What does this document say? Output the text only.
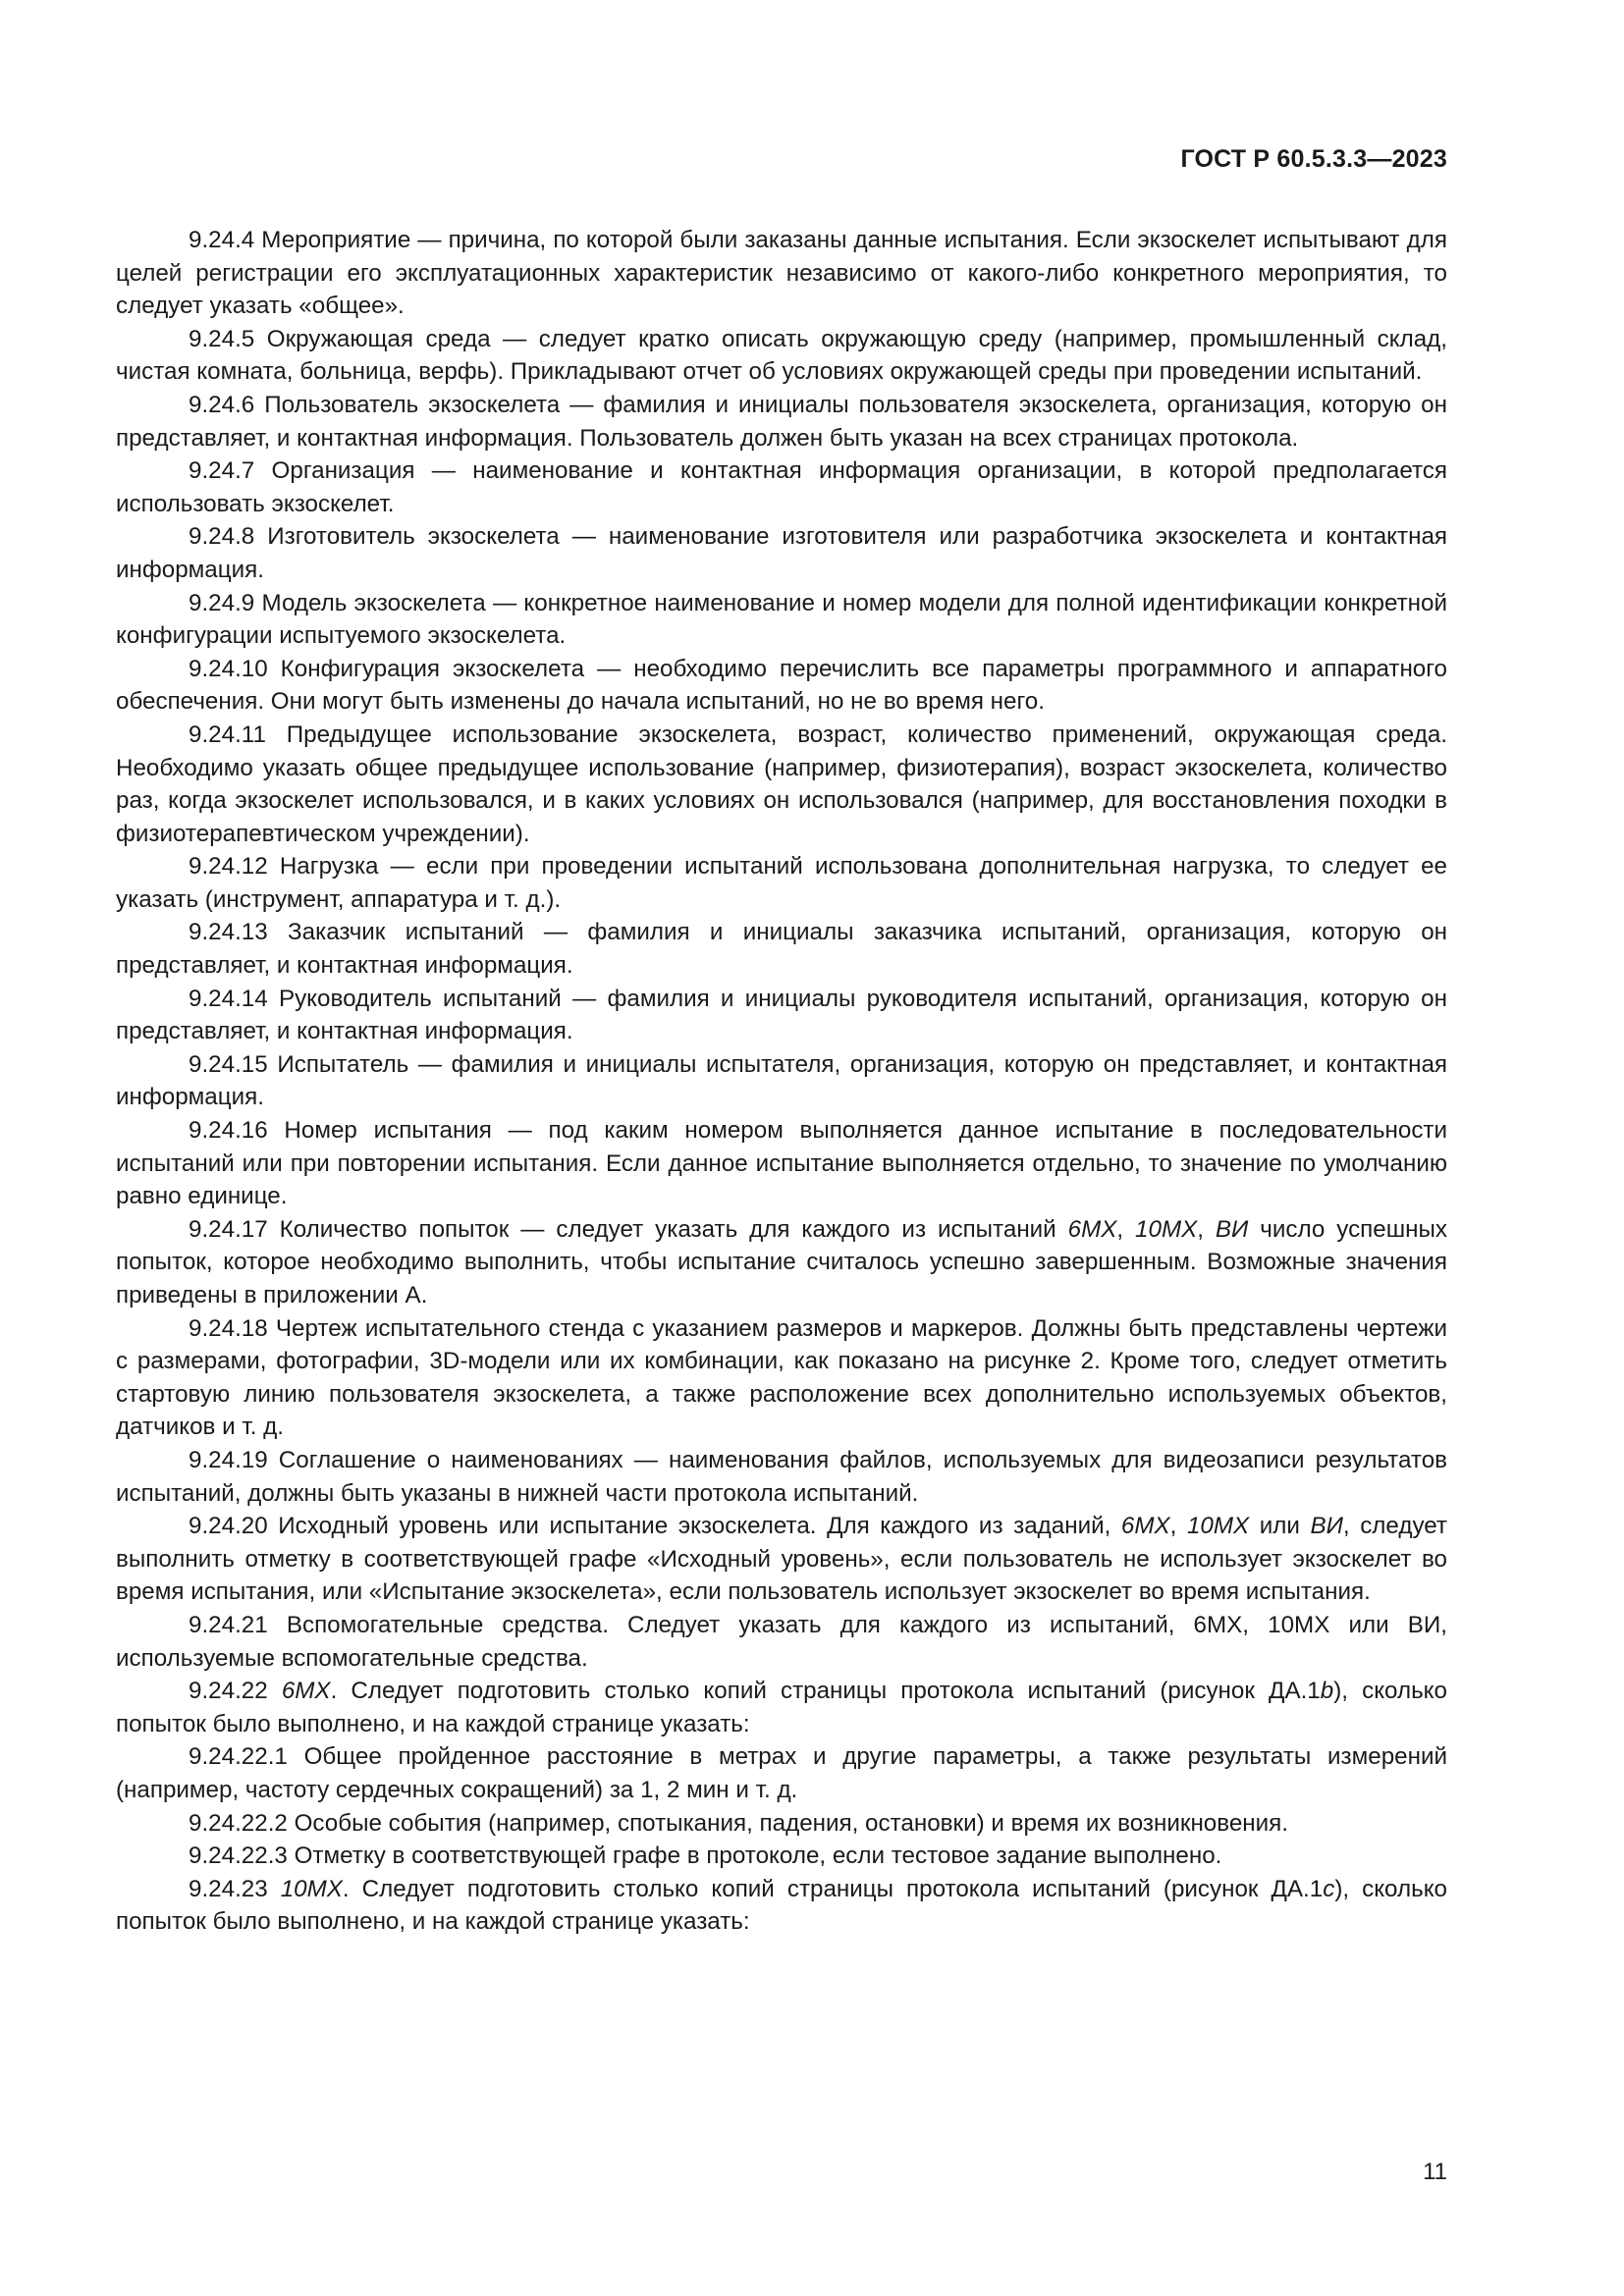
ГОСТ Р 60.5.3.3—2023

9.24.4 Мероприятие — причина, по которой были заказаны данные испытания. Если экзоскелет испытывают для целей регистрации его эксплуатационных характеристик независимо от какого-либо конкретного мероприятия, то следует указать «общее».

9.24.5 Окружающая среда — следует кратко описать окружающую среду (например, промышленный склад, чистая комната, больница, верфь). Прикладывают отчет об условиях окружающей среды при проведении испытаний.

9.24.6 Пользователь экзоскелета — фамилия и инициалы пользователя экзоскелета, организация, которую он представляет, и контактная информация. Пользователь должен быть указан на всех страницах протокола.

9.24.7 Организация — наименование и контактная информация организации, в которой предполагается использовать экзоскелет.

9.24.8 Изготовитель экзоскелета — наименование изготовителя или разработчика экзоскелета и контактная информация.

9.24.9 Модель экзоскелета — конкретное наименование и номер модели для полной идентификации конкретной конфигурации испытуемого экзоскелета.

9.24.10 Конфигурация экзоскелета — необходимо перечислить все параметры программного и аппаратного обеспечения. Они могут быть изменены до начала испытаний, но не во время него.

9.24.11 Предыдущее использование экзоскелета, возраст, количество применений, окружающая среда. Необходимо указать общее предыдущее использование (например, физиотерапия), возраст экзоскелета, количество раз, когда экзоскелет использовался, и в каких условиях он использовался (например, для восстановления походки в физиотерапевтическом учреждении).

9.24.12 Нагрузка — если при проведении испытаний использована дополнительная нагрузка, то следует ее указать (инструмент, аппаратура и т. д.).

9.24.13 Заказчик испытаний — фамилия и инициалы заказчика испытаний, организация, которую он представляет, и контактная информация.

9.24.14 Руководитель испытаний — фамилия и инициалы руководителя испытаний, организация, которую он представляет, и контактная информация.

9.24.15 Испытатель — фамилия и инициалы испытателя, организация, которую он представляет, и контактная информация.

9.24.16 Номер испытания — под каким номером выполняется данное испытание в последовательности испытаний или при повторении испытания. Если данное испытание выполняется отдельно, то значение по умолчанию равно единице.

9.24.17 Количество попыток — следует указать для каждого из испытаний 6МХ, 10МХ, ВИ число успешных попыток, которое необходимо выполнить, чтобы испытание считалось успешно завершенным. Возможные значения приведены в приложении А.

9.24.18 Чертеж испытательного стенда с указанием размеров и маркеров. Должны быть представлены чертежи с размерами, фотографии, 3D-модели или их комбинации, как показано на рисунке 2. Кроме того, следует отметить стартовую линию пользователя экзоскелета, а также расположение всех дополнительно используемых объектов, датчиков и т. д.

9.24.19 Соглашение о наименованиях — наименования файлов, используемых для видеозаписи результатов испытаний, должны быть указаны в нижней части протокола испытаний.

9.24.20 Исходный уровень или испытание экзоскелета. Для каждого из заданий, 6МХ, 10МХ или ВИ, следует выполнить отметку в соответствующей графе «Исходный уровень», если пользователь не использует экзоскелет во время испытания, или «Испытание экзоскелета», если пользователь использует экзоскелет во время испытания.

9.24.21 Вспомогательные средства. Следует указать для каждого из испытаний, 6МХ, 10МХ или ВИ, используемые вспомогательные средства.

9.24.22 6МХ. Следует подготовить столько копий страницы протокола испытаний (рисунок ДА.1b), сколько попыток было выполнено, и на каждой странице указать:

9.24.22.1 Общее пройденное расстояние в метрах и другие параметры, а также результаты измерений (например, частоту сердечных сокращений) за 1, 2 мин и т. д.

9.24.22.2 Особые события (например, спотыкания, падения, остановки) и время их возникновения.

9.24.22.3 Отметку в соответствующей графе в протоколе, если тестовое задание выполнено.

9.24.23 10МХ. Следует подготовить столько копий страницы протокола испытаний (рисунок ДА.1c), сколько попыток было выполнено, и на каждой странице указать:

11
